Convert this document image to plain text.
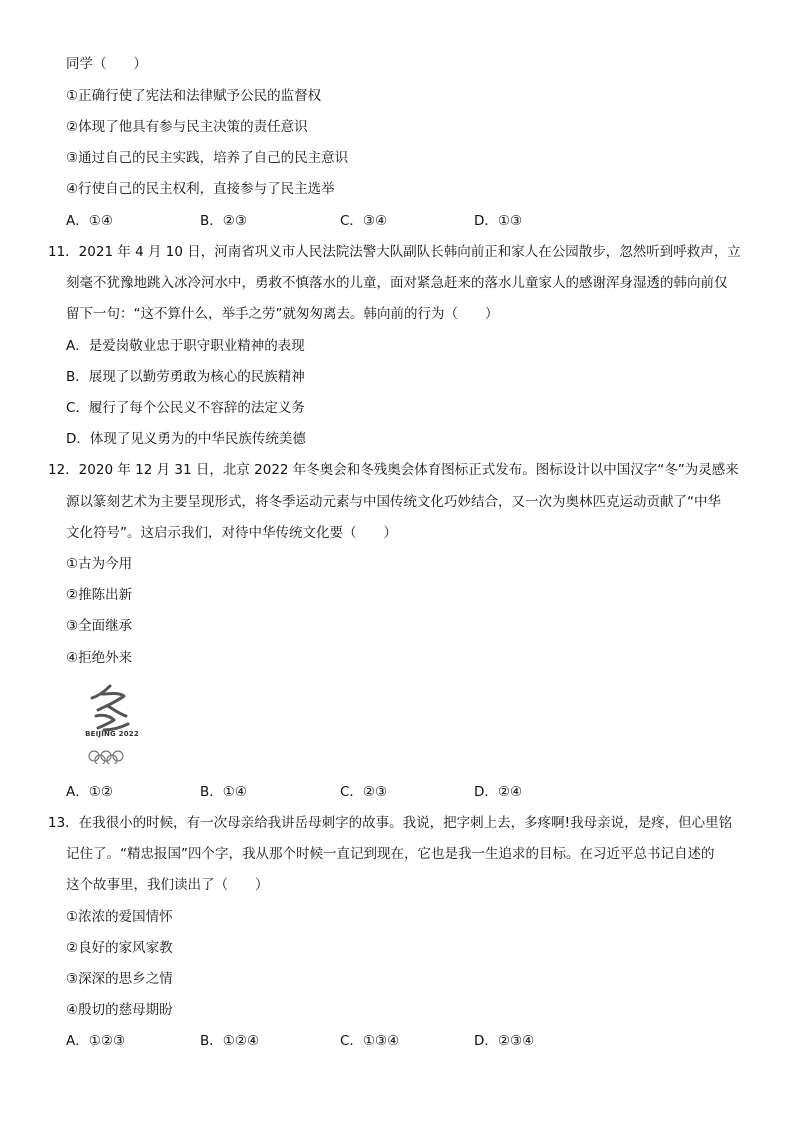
同学（　　）
①正确行使了宪法和法律赋予公民的监督权
②体现了他具有参与民主决策的责任意识
③通过自己的民主实践，培养了自己的民主意识
④行使自己的民主权利，直接参与了民主选举
A．①④	B．②③	C．③④	D．①③
11．2021 年 4 月 10 日，河南省巩义市人民法院法警大队副队长韩向前正和家人在公园散步，忽然听到呼救声，立
刻毫不犹豫地跳入冰冷河水中，勇救不慎落水的儿童，面对紧急赶来的落水儿童家人的感谢浑身湿透的韩向前仅
留下一句：“这不算什么，举手之劳”就匆匆离去。韩向前的行为（　　）
A．是爱岗敬业忠于职守职业精神的表现
B．展现了以勤劳勇敢为核心的民族精神
C．履行了每个公民义不容辞的法定义务
D．体现了见义勇为的中华民族传统美德
12．2020 年 12 月 31 日，北京 2022 年冬奥会和冬残奥会体育图标正式发布。图标设计以中国汉字“冬”为灵感来
源以篆刻艺术为主要呈现形式，将冬季运动元素与中国传统文化巧妙结合，又一次为奥林匹克运动贡献了“中华
文化符号”。这启示我们，对待中华传统文化要（　　）
①古为今用
②推陈出新
③全面继承
④拒绝外来
BEIJING 2022
A．①②	B．①④	C．②③	D．②④
13．在我很小的时候，有一次母亲给我讲岳母刺字的故事。我说，把字刺上去，多疼啊!我母亲说，是疼，但心里铭
记住了。“精忠报国”四个字，我从那个时候一直记到现在，它也是我一生追求的目标。在习近平总书记自述的
这个故事里，我们读出了（　　）
①浓浓的爱国情怀
②良好的家风家教
③深深的思乡之情
④殷切的慈母期盼
A．①②③	B．①②④	C．①③④	D．②③④
